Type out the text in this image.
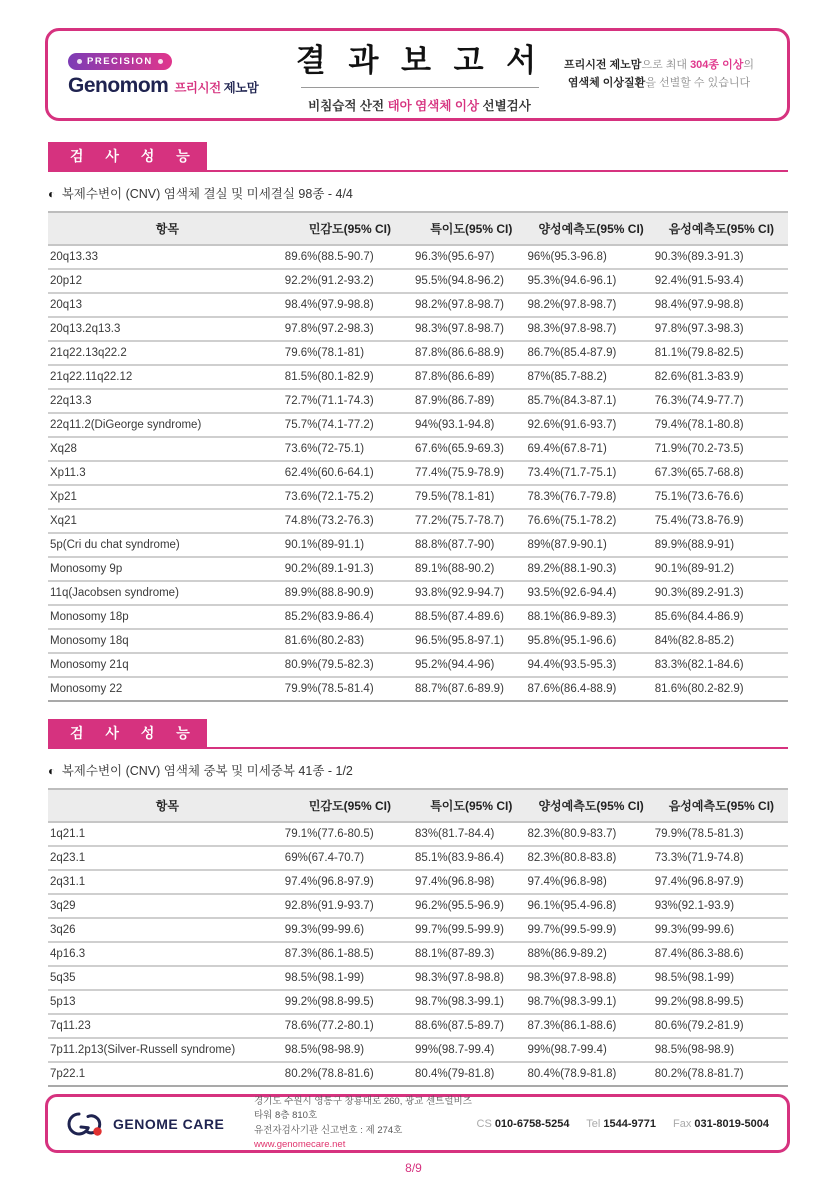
PRECISION
Genomom 프리시전 제노맘
결 과 보 고 서
비침습적 산전 태아 염색체 이상 선별검사
프리시전 제노맘으로 최대 304종 이상의
염색체 이상질환을 선별할 수 있습니다
검 사 성 능
◐ 복제수변이 (CNV) 염색체 결실 및 미세결실 98종 - 4/4
항목	민감도(95% CI)	특이도(95% CI)	양성예측도(95% CI)	음성예측도(95% CI)
20q13.33	89.6%(88.5-90.7)	96.3%(95.6-97)	96%(95.3-96.8)	90.3%(89.3-91.3)
20p12	92.2%(91.2-93.2)	95.5%(94.8-96.2)	95.3%(94.6-96.1)	92.4%(91.5-93.4)
20q13	98.4%(97.9-98.8)	98.2%(97.8-98.7)	98.2%(97.8-98.7)	98.4%(97.9-98.8)
20q13.2q13.3	97.8%(97.2-98.3)	98.3%(97.8-98.7)	98.3%(97.8-98.7)	97.8%(97.3-98.3)
21q22.13q22.2	79.6%(78.1-81)	87.8%(86.6-88.9)	86.7%(85.4-87.9)	81.1%(79.8-82.5)
21q22.11q22.12	81.5%(80.1-82.9)	87.8%(86.6-89)	87%(85.7-88.2)	82.6%(81.3-83.9)
22q13.3	72.7%(71.1-74.3)	87.9%(86.7-89)	85.7%(84.3-87.1)	76.3%(74.9-77.7)
22q11.2(DiGeorge syndrome)	75.7%(74.1-77.2)	94%(93.1-94.8)	92.6%(91.6-93.7)	79.4%(78.1-80.8)
Xq28	73.6%(72-75.1)	67.6%(65.9-69.3)	69.4%(67.8-71)	71.9%(70.2-73.5)
Xp11.3	62.4%(60.6-64.1)	77.4%(75.9-78.9)	73.4%(71.7-75.1)	67.3%(65.7-68.8)
Xp21	73.6%(72.1-75.2)	79.5%(78.1-81)	78.3%(76.7-79.8)	75.1%(73.6-76.6)
Xq21	74.8%(73.2-76.3)	77.2%(75.7-78.7)	76.6%(75.1-78.2)	75.4%(73.8-76.9)
5p(Cri du chat syndrome)	90.1%(89-91.1)	88.8%(87.7-90)	89%(87.9-90.1)	89.9%(88.9-91)
Monosomy 9p	90.2%(89.1-91.3)	89.1%(88-90.2)	89.2%(88.1-90.3)	90.1%(89-91.2)
11q(Jacobsen syndrome)	89.9%(88.8-90.9)	93.8%(92.9-94.7)	93.5%(92.6-94.4)	90.3%(89.2-91.3)
Monosomy 18p	85.2%(83.9-86.4)	88.5%(87.4-89.6)	88.1%(86.9-89.3)	85.6%(84.4-86.9)
Monosomy 18q	81.6%(80.2-83)	96.5%(95.8-97.1)	95.8%(95.1-96.6)	84%(82.8-85.2)
Monosomy 21q	80.9%(79.5-82.3)	95.2%(94.4-96)	94.4%(93.5-95.3)	83.3%(82.1-84.6)
Monosomy 22	79.9%(78.5-81.4)	88.7%(87.6-89.9)	87.6%(86.4-88.9)	81.6%(80.2-82.9)
검 사 성 능
◐ 복제수변이 (CNV) 염색체 중복 및 미세중복 41종 - 1/2
항목	민감도(95% CI)	특이도(95% CI)	양성예측도(95% CI)	음성예측도(95% CI)
1q21.1	79.1%(77.6-80.5)	83%(81.7-84.4)	82.3%(80.9-83.7)	79.9%(78.5-81.3)
2q23.1	69%(67.4-70.7)	85.1%(83.9-86.4)	82.3%(80.8-83.8)	73.3%(71.9-74.8)
2q31.1	97.4%(96.8-97.9)	97.4%(96.8-98)	97.4%(96.8-98)	97.4%(96.8-97.9)
3q29	92.8%(91.9-93.7)	96.2%(95.5-96.9)	96.1%(95.4-96.8)	93%(92.1-93.9)
3q26	99.3%(99-99.6)	99.7%(99.5-99.9)	99.7%(99.5-99.9)	99.3%(99-99.6)
4p16.3	87.3%(86.1-88.5)	88.1%(87-89.3)	88%(86.9-89.2)	87.4%(86.3-88.6)
5q35	98.5%(98.1-99)	98.3%(97.8-98.8)	98.3%(97.8-98.8)	98.5%(98.1-99)
5p13	99.2%(98.8-99.5)	98.7%(98.3-99.1)	98.7%(98.3-99.1)	99.2%(98.8-99.5)
7q11.23	78.6%(77.2-80.1)	88.6%(87.5-89.7)	87.3%(86.1-88.6)	80.6%(79.2-81.9)
7p11.2p13(Silver-Russell syndrome)	98.5%(98-98.9)	99%(98.7-99.4)	99%(98.7-99.4)	98.5%(98-98.9)
7p22.1	80.2%(78.8-81.6)	80.4%(79-81.8)	80.4%(78.9-81.8)	80.2%(78.8-81.7)
GENOME CARE
경기도 수원시 영통구 창룡대로 260, 광교 센트럴비즈타워 8층 810호
유전자검사기관 신고번호 : 제 274호
www.genomecare.net
CS 010-6758-5254 Tel 1544-9771 Fax 031-8019-5004
8/9
